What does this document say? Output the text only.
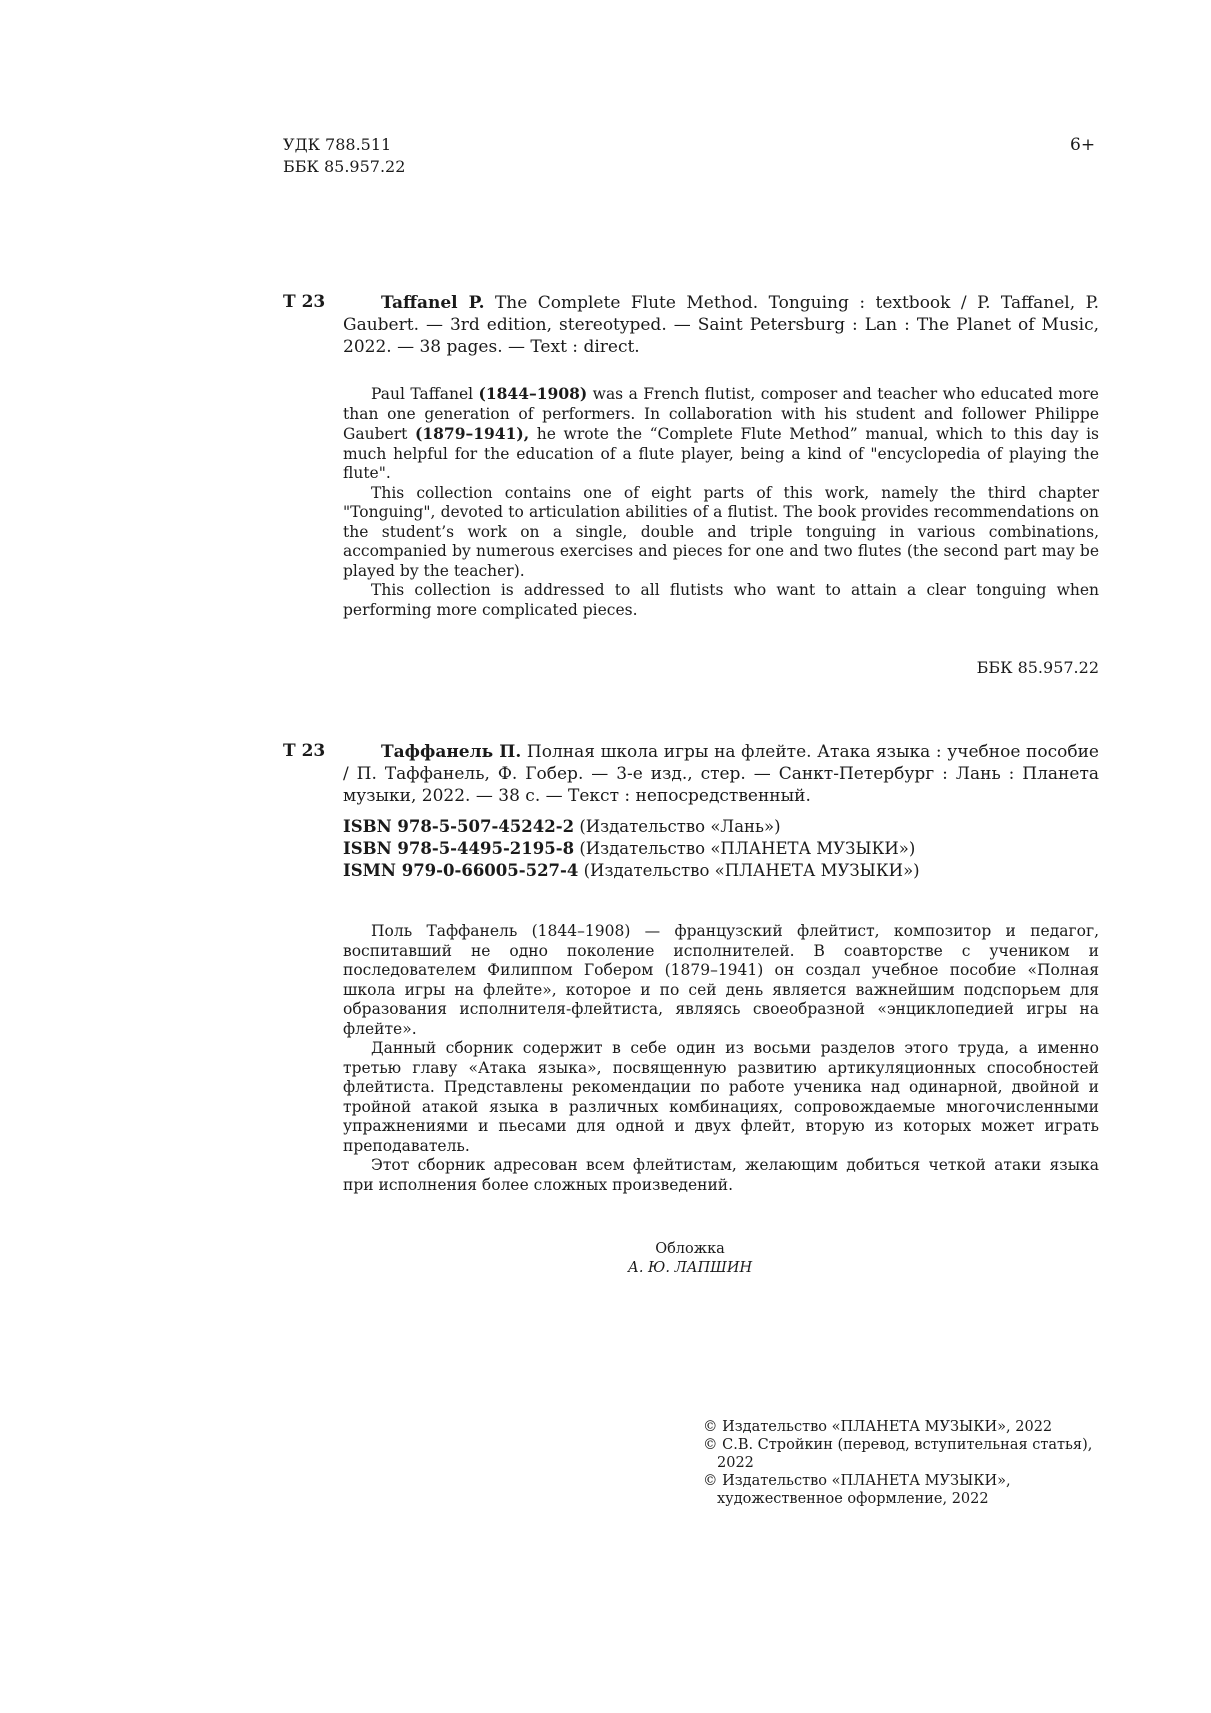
УДК 788.511
ББК 85.957.22
6+
T 23	Taffanel P. The Complete Flute Method. Tonguing : textbook / P. Taffanel, P. Gaubert. — 3rd edition, stereotyped. — Saint Petersburg : Lan : The Planet of Music, 2022. — 38 pages. — Text : direct.

Paul Taffanel (1844–1908) was a French flutist, composer and teacher who educated more than one generation of performers. In collaboration with his student and follower Philippe Gaubert (1879–1941), he wrote the “Complete Flute Method” manual, which to this day is much helpful for the education of a flute player, being a kind of "encyclopedia of playing the flute".

This collection contains one of eight parts of this work, namely the third chapter "Tonguing", devoted to articulation abilities of a flutist. The book provides recommendations on the student’s work on a single, double and triple tonguing in various combinations, accompanied by numerous exercises and pieces for one and two flutes (the second part may be played by the teacher).

This collection is addressed to all flutists who want to attain a clear tonguing when performing more complicated pieces.

ББК 85.957.22
Т 23	Таффанель П. Полная школа игры на флейте. Атака языка : учебное пособие / П. Таффанель, Ф. Гобер. — 3-е изд., стер. — Санкт-Петербург : Лань : Планета музыки, 2022. — 38 с. — Текст : непосредственный.
ISBN 978-5-507-45242-2 (Издательство «Лань»)
ISBN 978-5-4495-2195-8 (Издательство «ПЛАНЕТА МУЗЫКИ»)
ISMN 979-0-66005-527-4 (Издательство «ПЛАНЕТА МУЗЫКИ»)

Поль Таффанель (1844–1908) — французский флейтист, композитор и педагог, воспитавший не одно поколение исполнителей. В соавторстве с учеником и последователем Филиппом Гобером (1879–1941) он создал учебное пособие «Полная школа игры на флейте», которое и по сей день является важнейшим подспорьем для образования исполнителя-флейтиста, являясь своеобразной «энциклопедией игры на флейте».

Данный сборник содержит в себе один из восьми разделов этого труда, а именно третью главу «Атака языка», посвященную развитию артикуляционных способностей флейтиста. Представлены рекомендации по работе ученика над одинарной, двойной и тройной атакой языка в различных комбинациях, сопровождаемые многочисленными упражнениями и пьесами для одной и двух флейт, вторую из которых может играть преподаватель.

Этот сборник адресован всем флейтистам, желающим добиться четкой атаки языка при исполнения более сложных произведений.

Обложка
А. Ю. ЛАПШИН

© Издательство «ПЛАНЕТА МУЗЫКИ», 2022

© С.В. Стройкин (перевод, вступительная статья), 2022

© Издательство «ПЛАНЕТА МУЗЫКИ», художественное оформление, 2022
